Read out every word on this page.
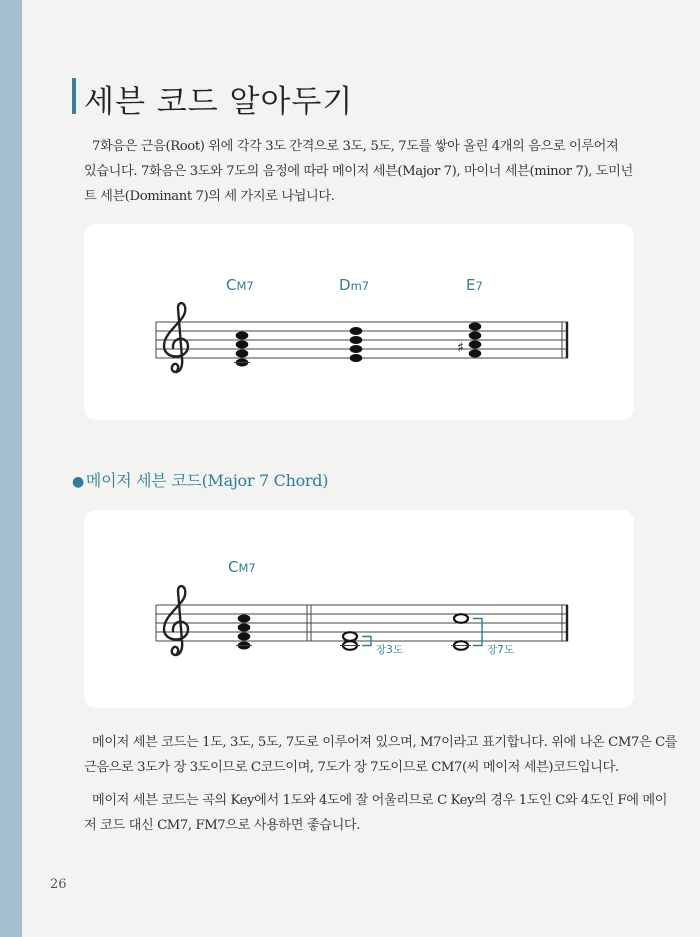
세븐 코드 알아두기

7화음은 근음(Root) 위에 각각 3도 간격으로 3도, 5도, 7도를 쌓아 올린 4개의 음으로 이루어져

있습니다. 7화음은 3도와 7도의 음정에 따라 메이저 세븐(Major 7), 마이너 세븐(minor 7), 도미넌

트 세븐(Dominant 7)의 세 가지로 나뉩니다.

CM7	Dm7	E7
♯
● 메이저 세븐 코드(Major 7 Chord)
CM7
장3도	장7도

메이저 세븐 코드는 1도, 3도, 5도, 7도로 이루어져 있으며, M7이라고 표기합니다. 위에 나온 CM7은 C를

근음으로 3도가 장 3도이므로 C코드이며, 7도가 장 7도이므로 CM7(씨 메이저 세븐)코드입니다.

메이저 세븐 코드는 곡의 Key에서 1도와 4도에 잘 어울리므로 C Key의 경우 1도인 C와 4도인 F에 메이

저 코드 대신 CM7, FM7으로 사용하면 좋습니다.

26
